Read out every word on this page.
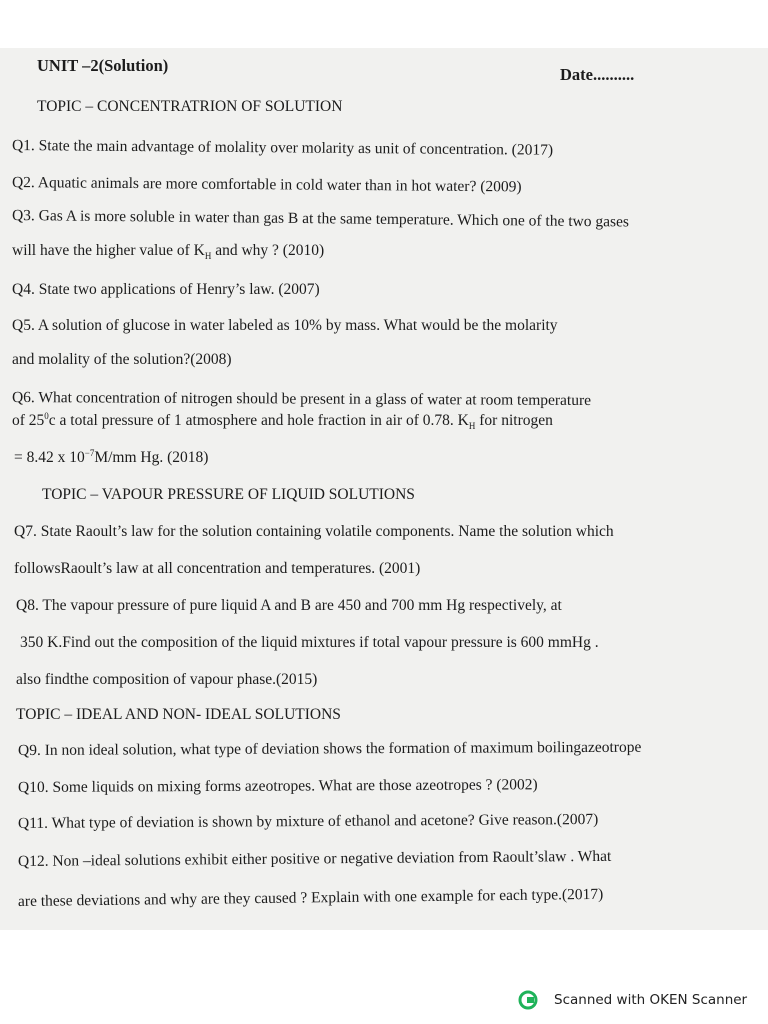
UNIT –2(Solution)	Date..........
TOPIC – CONCENTRATRION OF SOLUTION
Q1. State the main advantage of molality over molarity as unit of concentration. (2017)
Q2. Aquatic animals are more comfortable in cold water than in hot water? (2009)
Q3. Gas A is more soluble in water than gas B at the same temperature. Which one of the two gases
will have the higher value of $K_H$ and why ? (2010)
Q4. State two applications of Henry’s law. (2007)
Q5. A solution of glucose in water labeled as 10% by mass. What would be the molarity
and molality of the solution?(2008)
Q6. What concentration of nitrogen should be present in a glass of water at room temperature
of $25^0c$ a total pressure of 1 atmosphere and hole fraction in air of 0.78. $K_H$ for nitrogen
= 8.42 x $10^{-7}M/mm$ Hg. (2018)
TOPIC – VAPOUR PRESSURE OF LIQUID SOLUTIONS
Q7. State Raoult’s law for the solution containing volatile components. Name the solution which
followsRaoult’s law at all concentration and temperatures. (2001)
Q8. The vapour pressure of pure liquid A and B are 450 and 700 mm Hg respectively, at
350 K.Find out the composition of the liquid mixtures if total vapour pressure is 600 mmHg .
also findthe composition of vapour phase.(2015)
TOPIC – IDEAL AND NON- IDEAL SOLUTIONS
Q9. In non ideal solution, what type of deviation shows the formation of maximum boilingazeotrope
Q10. Some liquids on mixing forms azeotropes. What are those azeotropes ? (2002)
Q11. What type of deviation is shown by mixture of ethanol and acetone? Give reason.(2007)
Q12. Non –ideal solutions exhibit either positive or negative deviation from Raoult’slaw . What
are these deviations and why are they caused ? Explain with one example for each type.(2017)
Scanned with OKEN Scanner
